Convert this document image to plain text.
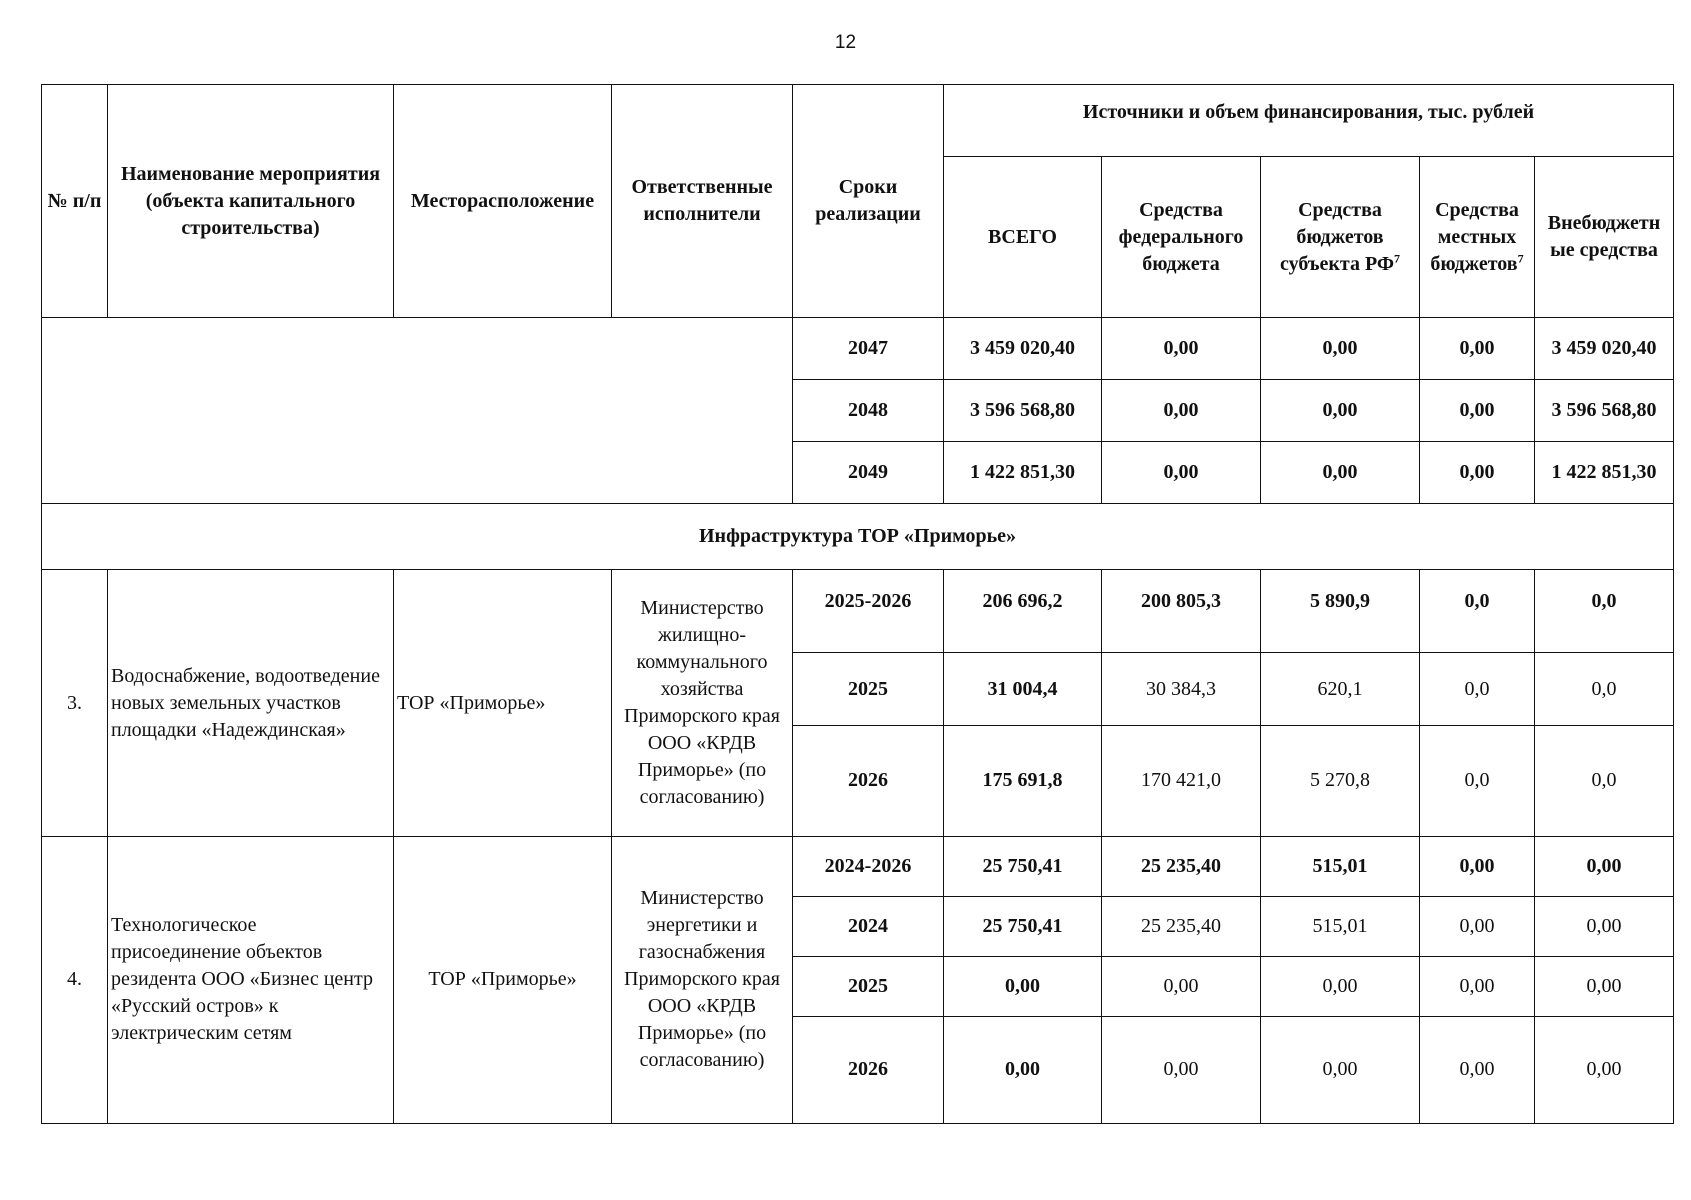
12
№ п/п	Наименование мероприятия (объекта капитального строительства)	Месторасположение	Ответственные исполнители	Сроки реализации	Источники и объем финансирования, тыс. рублей				
					ВСЕГО	Средства федерального бюджета	Средства бюджетов субъекта $РФ^7$	Средства местных бюджетов$^7$	Внебюджетн ые средства
				2047	3 459 020,40	0,00	0,00	0,00	3 459 020,40
				2048	3 596 568,80	0,00	0,00	0,00	3 596 568,80
				2049	1 422 851,30	0,00	0,00	0,00	1 422 851,30
Инфраструктура ТОР «Приморье»									
3.	Водоснабжение, водоотведение новых земельных участков площадки «Надеждинская»	ТОР «Приморье»	Министерство жилищно-коммунального хозяйства Приморского края ООО «КРДВ Приморье» (по согласованию)	2025-2026	206 696,2	200 805,3	5 890,9	0,0	0,0
				2025	31 004,4	30 384,3	620,1	0,0	0,0
				2026	175 691,8	170 421,0	5 270,8	0,0	0,0
4.	Технологическое присоединение объектов резидента ООО «Бизнес центр «Русский остров» к электрическим сетям	ТОР «Приморье»	Министерство энергетики и газоснабжения Приморского края ООО «КРДВ Приморье» (по согласованию)	2024-2026	25 750,41	25 235,40	515,01	0,00	0,00
				2024	25 750,41	25 235,40	515,01	0,00	0,00
				2025	0,00	0,00	0,00	0,00	0,00
				2026	0,00	0,00	0,00	0,00	0,00
